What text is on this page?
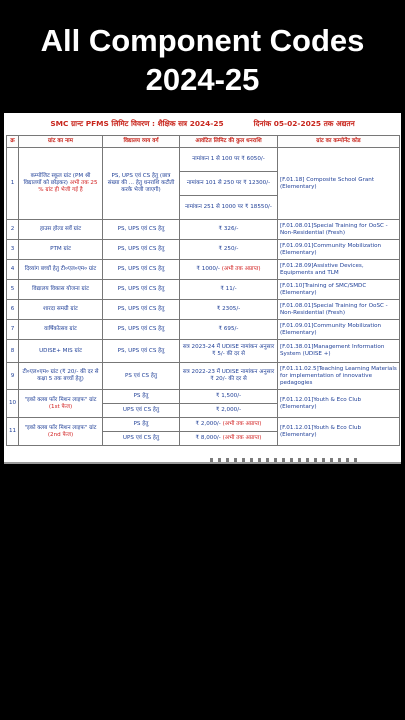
All Component Codes
2024-25
SMC ग्रान्ट PFMS लिमिट विवरण : शैक्षिक सत्र 2024-25	दिनांक 05-02-2025 तक अद्यतन
क्र	ग्रांट का नाम	विद्यालय व्यय वर्ग	आवंटित लिमिट की कुल धनराशि	ग्रांट का कम्पोनेंट कोड
1	कम्पोजिट स्कूल ग्रांट (PM श्री विद्यालयों को छोड़कर) अभी तक 25 % ग्रांट ही भेजी गई है	PS, UPS एवं CS हेतु (छात्र संख्या की ... हेतु धनराशि कटौती करके भेजी जाएगी)	नामांकन 1 से 100 पर ₹ 6050/-	[F.01.18] Composite School Grant (Elementary)
			नामांकन 101 से 250 पर ₹ 12300/-	
			नामांकन 251 से 1000 पर ₹ 18550/-	
2	हाउस होल्ड सर्वे ग्रांट	PS, UPS एवं CS हेतु	₹ 326/-	[F.01.08.01]Special Training for OoSC - Non-Residential (Fresh)
3	PTM ग्रांट	PS, UPS एवं CS हेतु	₹ 250/-	[F.01.09.01]Community Mobilization (Elementary)
4	दिव्यांग बच्चों हेतु टी०एल०एम० ग्रांट	PS, UPS एवं CS हेतु	₹ 1000/- (अभी तक अप्राप्त)	[F.01.28.09]Assistive Devices, Equipments and TLM
5	विद्यालय विकास योजना ग्रांट	PS, UPS एवं CS हेतु	₹ 11/-	[F.01.10]Training of SMC/SMDC (Elementary)
6	शारदा समग्री ग्रांट	PS, UPS एवं CS हेतु	₹ 2305/-	[F.01.08.01]Special Training for OoSC - Non-Residential (Fresh)
7	वार्षिकोत्सव ग्रांट	PS, UPS एवं CS हेतु	₹ 695/-	[F.01.09.01]Community Mobilization (Elementary)
8	UDISE+ MIS ग्रांट	PS, UPS एवं CS हेतु	सत्र 2023-24 में UDISE नामांकन अनुसार ₹ 5/- की दर से	[F.01.38.01]Management Information System (UDISE +)
9	टी०एल०एम० ग्रांट (₹ 20/- की दर से कक्षा 5 तक बच्चों हेतु)	PS एवं CS हेतु	सत्र 2022-23 में UDISE नामांकन अनुसार ₹ 20/- की दर से	[F.01.11.02.5]Teaching Learning Materials for implementation of innovative pedagogies
10	"इको क्लब फॉर मिशन लाइफ" ग्रांट (1st फेज)	PS हेतु	₹ 1,500/-	[F.01.12.01]Youth & Eco Club (Elementary)
		UPS एवं CS हेतु	₹ 2,000/-	
11	"इको क्लब फॉर मिशन लाइफ" ग्रांट (2nd फेज)	PS हेतु	₹ 2,000/- (अभी तक अप्राप्त)	[F.01.12.01]Youth & Eco Club (Elementary)
		UPS एवं CS हेतु	₹ 8,000/- (अभी तक अप्राप्त)	
